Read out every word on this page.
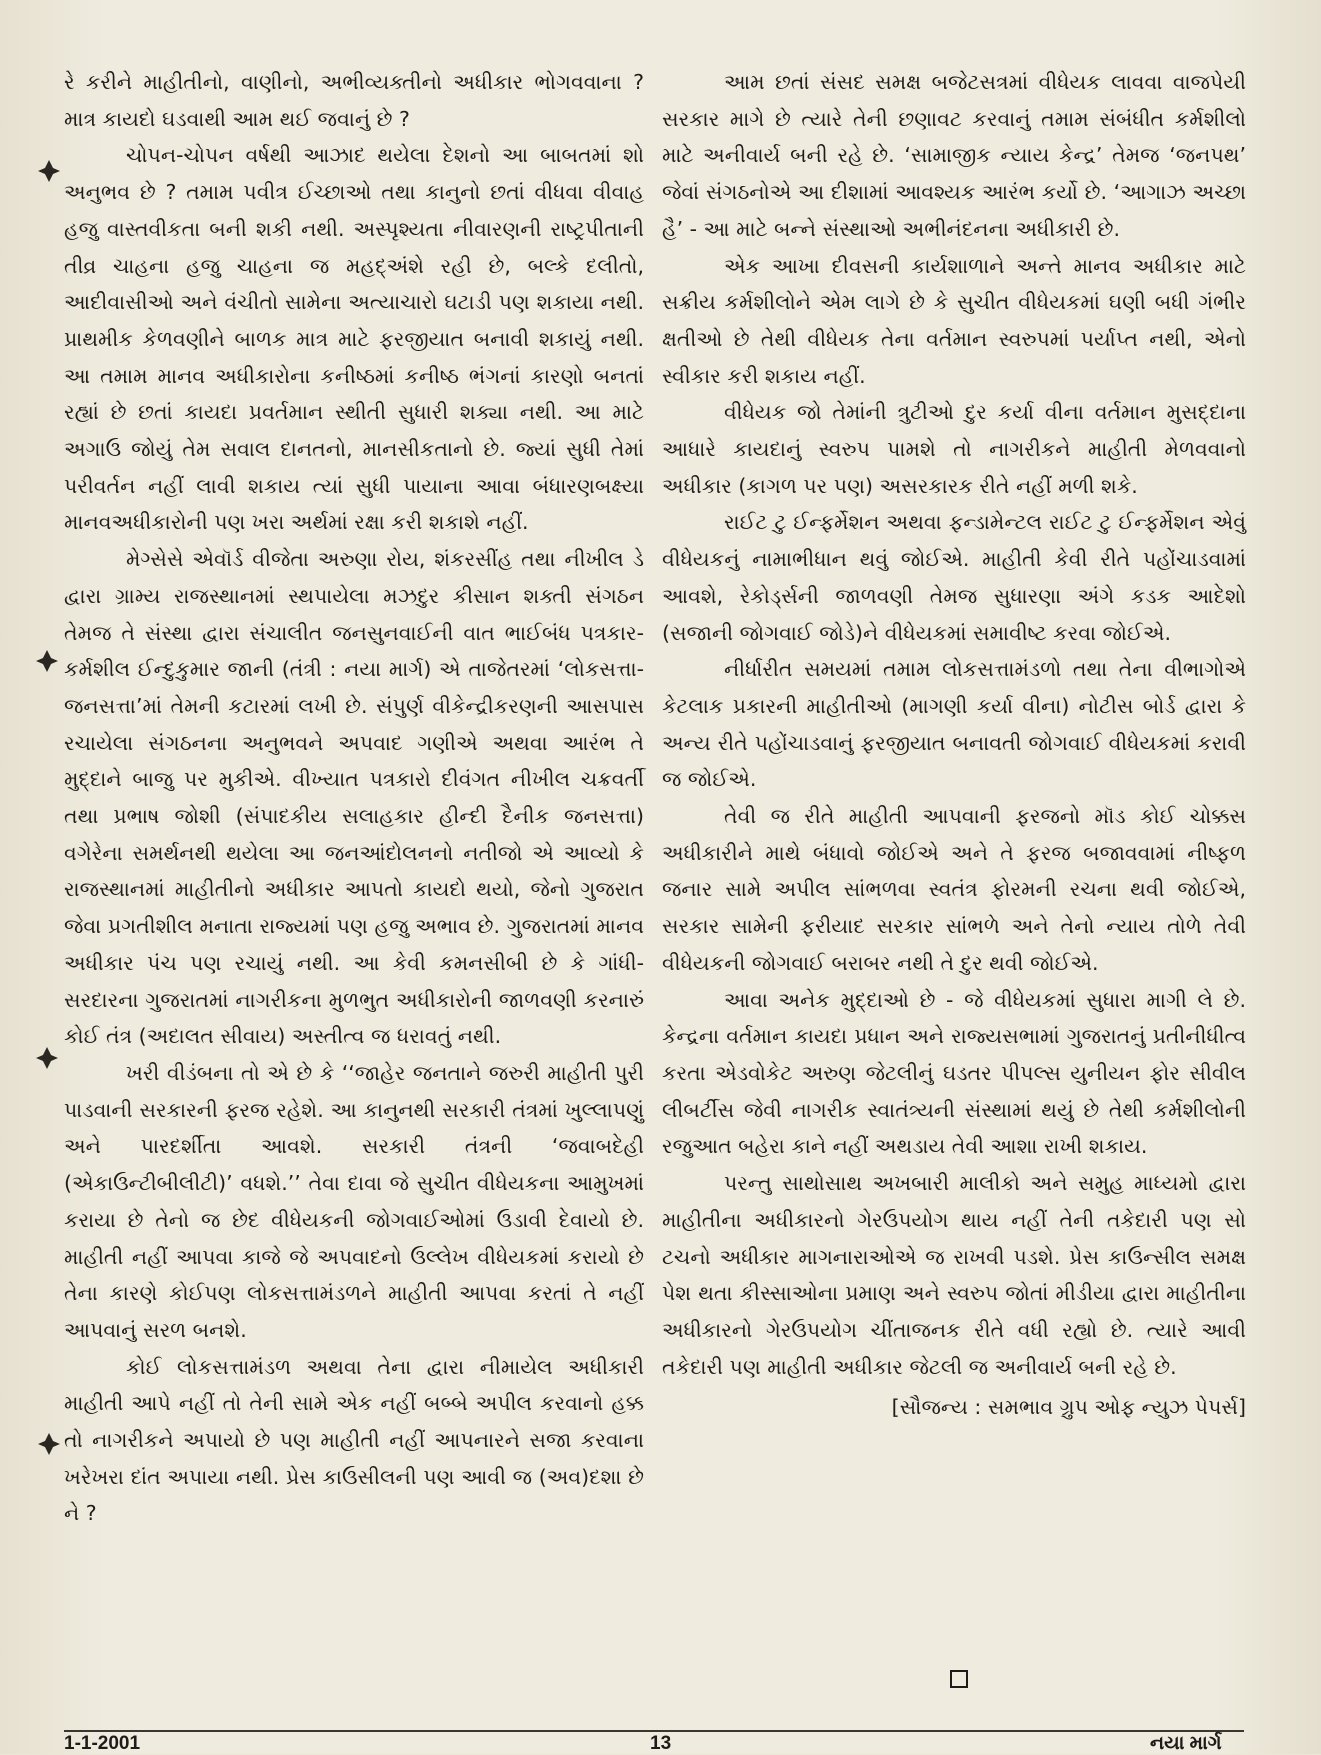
રે કરીને માહીતીનો, વાણીનો, અભીવ્યક્તીનો અધીકાર ભોગવવાના ? માત્ર કાયદો ઘડવાથી આમ થઈ જવાનું છે ?

ચોપન-ચોપન વર્ષથી આઝાદ થયેલા દેશનો આ બાબતમાં શો અનુભવ છે ? તમામ પવીત્ર ઈચ્છાઓ તથા કાનુનો છતાં વીધવા વીવાહ હજુ વાસ્તવીકતા બની શકી નથી. અસ્પૃશ્યતા નીવારણની રાષ્ટ્રપીતાની તીવ્ર ચાહના હજુ ચાહના જ મહદ્અંશે રહી છે, બલ્કે દલીતો, આદીવાસીઓ અને વંચીતો સામેના અત્યાચારો ઘટાડી પણ શકાયા નથી. પ્રાથમીક કેળવણીને બાળક માત્ર માટે ફરજીયાત બનાવી શકાયું નથી. આ તમામ માનવ અધીકારોના કનીષ્ઠમાં કનીષ્ઠ ભંગનાં કારણો બનતાં રહ્યાં છે છતાં કાયદા પ્રવર્તમાન સ્થીતી સુધારી શક્યા નથી. આ માટે અગાઉ જોયું તેમ સવાલ દાનતનો, માનસીકતાનો છે. જ્યાં સુધી તેમાં પરીવર્તન નહીં લાવી શકાય ત્યાં સુધી પાયાના આવા બંધારણબક્ષ્યા માનવઅધીકારોની પણ ખરા અર્થમાં રક્ષા કરી શકાશે નહીં.

મેગ્સેસે એવૉર્ડ વીજેતા અરુણા રોય, શંકરસીંહ તથા નીખીલ ડે દ્વારા ગ્રામ્ય રાજસ્થાનમાં સ્થપાયેલા મઝદુર કીસાન શક્તી સંગઠન તેમજ તે સંસ્થા દ્વારા સંચાલીત જનસુનવાઈની વાત ભાઈબંધ પત્રકાર-કર્મશીલ ઈન્દુકુમાર જાની (તંત્રી : નયા માર્ગ) એ તાજેતરમાં ‘લોકસત્તા-જનસત્તા’માં તેમની કટારમાં લખી છે. સંપુર્ણ વીકેન્દ્રીકરણની આસપાસ રચાયેલા સંગઠનના અનુભવને અપવાદ ગણીએ અથવા આરંભ તે મુદ્દાને બાજુ પર મુકીએ. વીખ્યાત પત્રકારો દીવંગત નીખીલ ચક્રવર્તી તથા પ્રભાષ જોશી (સંપાદકીય સલાહકાર હીન્દી દૈનીક જનસત્તા) વગેરેના સમર્થનથી થયેલા આ જનઆંદોલનનો નતીજો એ આવ્યો કે રાજસ્થાનમાં માહીતીનો અધીકાર આપતો કાયદો થયો, જેનો ગુજરાત જેવા પ્રગતીશીલ મનાતા રાજ્યમાં પણ હજુ અભાવ છે. ગુજરાતમાં માનવ અધીકાર પંચ પણ રચાયું નથી. આ કેવી કમનસીબી છે કે ગાંધી-સરદારના ગુજરાતમાં નાગરીકના મુળભુત અધીકારોની જાળવણી કરનારું કોઈ તંત્ર (અદાલત સીવાય) અસ્તીત્વ જ ધરાવતું નથી.

ખરી વીડંબના તો એ છે કે ‘‘જાહેર જનતાને જરુરી માહીતી પુરી પાડવાની સરકારની ફરજ રહેશે. આ કાનુનથી સરકારી તંત્રમાં ખુલ્લાપણું અને પારદર્શીતા આવશે. સરકારી તંત્રની ‘જવાબદેહી (એકાઉન્ટીબીલીટી)’ વધશે.’’ તેવા દાવા જે સુચીત વીધેયકના આમુખમાં કરાયા છે તેનો જ છેદ વીધેયકની જોગવાઈઓમાં ઉડાવી દેવાયો છે. માહીતી નહીં આપવા કાજે જે અપવાદનો ઉલ્લેખ વીધેયકમાં કરાયો છે તેના કારણે કોઈપણ લોકસત્તામંડળને માહીતી આપવા કરતાં તે નહીં આપવાનું સરળ બનશે.

કોઈ લોકસત્તામંડળ અથવા તેના દ્વારા નીમાયેલ અધીકારી માહીતી આપે નહીં તો તેની સામે એક નહીં બબ્બે અપીલ કરવાનો હક્ક તો નાગરીકને અપાયો છે પણ માહીતી નહીં આપનારને સજા કરવાના ખરેખરા દાંત અપાયા નથી. પ્રેસ કાઉસીલની પણ આવી જ (અવ)દશા છે ને ?

આમ છતાં સંસદ સમક્ષ બજેટસત્રમાં વીધેયક લાવવા વાજપેયી સરકાર માગે છે ત્યારે તેની છણાવટ કરવાનું તમામ સંબંધીત કર્મશીલો માટે અનીવાર્ય બની રહે છે. ‘સામાજીક ન્યાય કેન્દ્ર’ તેમજ ‘જનપથ’ જેવાં સંગઠનોએ આ દીશામાં આવશ્યક આરંભ કર્યો છે. ‘આગાઝ અચ્છા હૈ’ - આ માટે બન્ને સંસ્થાઓ અભીનંદનના અધીકારી છે.

એક આખા દીવસની કાર્યશાળાને અન્તે માનવ અધીકાર માટે સક્રીય કર્મશીલોને એમ લાગે છે કે સુચીત વીધેયકમાં ઘણી બધી ગંભીર ક્ષતીઓ છે તેથી વીધેયક તેના વર્તમાન સ્વરુપમાં પર્યાપ્ત નથી, એનો સ્વીકાર કરી શકાય નહીં.

વીધેયક જો તેમાંની ત્રુટીઓ દુર કર્યા વીના વર્તમાન મુસદ્દાના આધારે કાયદાનું સ્વરુપ પામશે તો નાગરીકને માહીતી મેળવવાનો અધીકાર (કાગળ પર પણ) અસરકારક રીતે નહીં મળી શકે.

રાઈટ ટુ ઈન્ફર્મેશન અથવા ફન્ડામેન્ટલ રાઈટ ટુ ઈન્ફર્મેશન એવું વીધેયકનું નામાભીધાન થવું જોઈએ. માહીતી કેવી રીતે પહોંચાડવામાં આવશે, રેકોર્ડ્સની જાળવણી તેમજ સુધારણા અંગે કડક આદેશો (સજાની જોગવાઈ જોડે)ને વીધેયકમાં સમાવીષ્ટ કરવા જોઈએ.

નીર્ધારીત સમયમાં તમામ લોકસત્તામંડળો તથા તેના વીભાગોએ કેટલાક પ્રકારની માહીતીઓ (માગણી કર્યા વીના) નોટીસ બોર્ડ દ્વારા કે અન્ય રીતે પહોંચાડવાનું ફરજીયાત બનાવતી જોગવાઈ વીધેયકમાં કરાવી જ જોઈએ.

તેવી જ રીતે માહીતી આપવાની ફરજનો મૉડ કોઈ ચોક્કસ અધીકારીને માથે બંધાવો જોઈએ અને તે ફરજ બજાવવામાં નીષ્ફળ જનાર સામે અપીલ સાંભળવા સ્વતંત્ર ફોરમની રચના થવી જોઈએ, સરકાર સામેની ફરીયાદ સરકાર સાંભળે અને તેનો ન્યાય તોળે તેવી વીધેયકની જોગવાઈ બરાબર નથી તે દુર થવી જોઈએ.

આવા અનેક મુદ્દાઓ છે - જે વીધેયકમાં સુધારા માગી લે છે. કેન્દ્રના વર્તમાન કાયદા પ્રધાન અને રાજ્યસભામાં ગુજરાતનું પ્રતીનીધીત્વ કરતા એડવોકેટ અરુણ જેટલીનું ઘડતર પીપલ્સ યુનીયન ફોર સીવીલ લીબર્ટીસ જેવી નાગરીક સ્વાતંત્ર્યની સંસ્થામાં થયું છે તેથી કર્મશીલોની રજુઆત બહેરા કાને નહીં અથડાય તેવી આશા રાખી શકાય.

પરન્તુ સાથોસાથ અખબારી માલીકો અને સમુહ માધ્યમો દ્વારા માહીતીના અધીકારનો ગેરઉપયોગ થાય નહીં તેની તકેદારી પણ સો ટચનો અધીકાર માગનારાઓએ જ રાખવી પડશે. પ્રેસ કાઉન્સીલ સમક્ષ પેશ થતા કીસ્સાઓના પ્રમાણ અને સ્વરુપ જોતાં મીડીયા દ્વારા માહીતીના અધીકારનો ગેરઉપયોગ ચીંતાજનક રીતે વધી રહ્યો છે. ત્યારે આવી તકેદારી પણ માહીતી અધીકાર જેટલી જ અનીવાર્ય બની રહે છે.

[સૌજન્ય : સમભાવ ગ્રુપ ઓફ ન્યુઝ પેપર્સ]

1-1-2001	13	નયા માર્ગ
